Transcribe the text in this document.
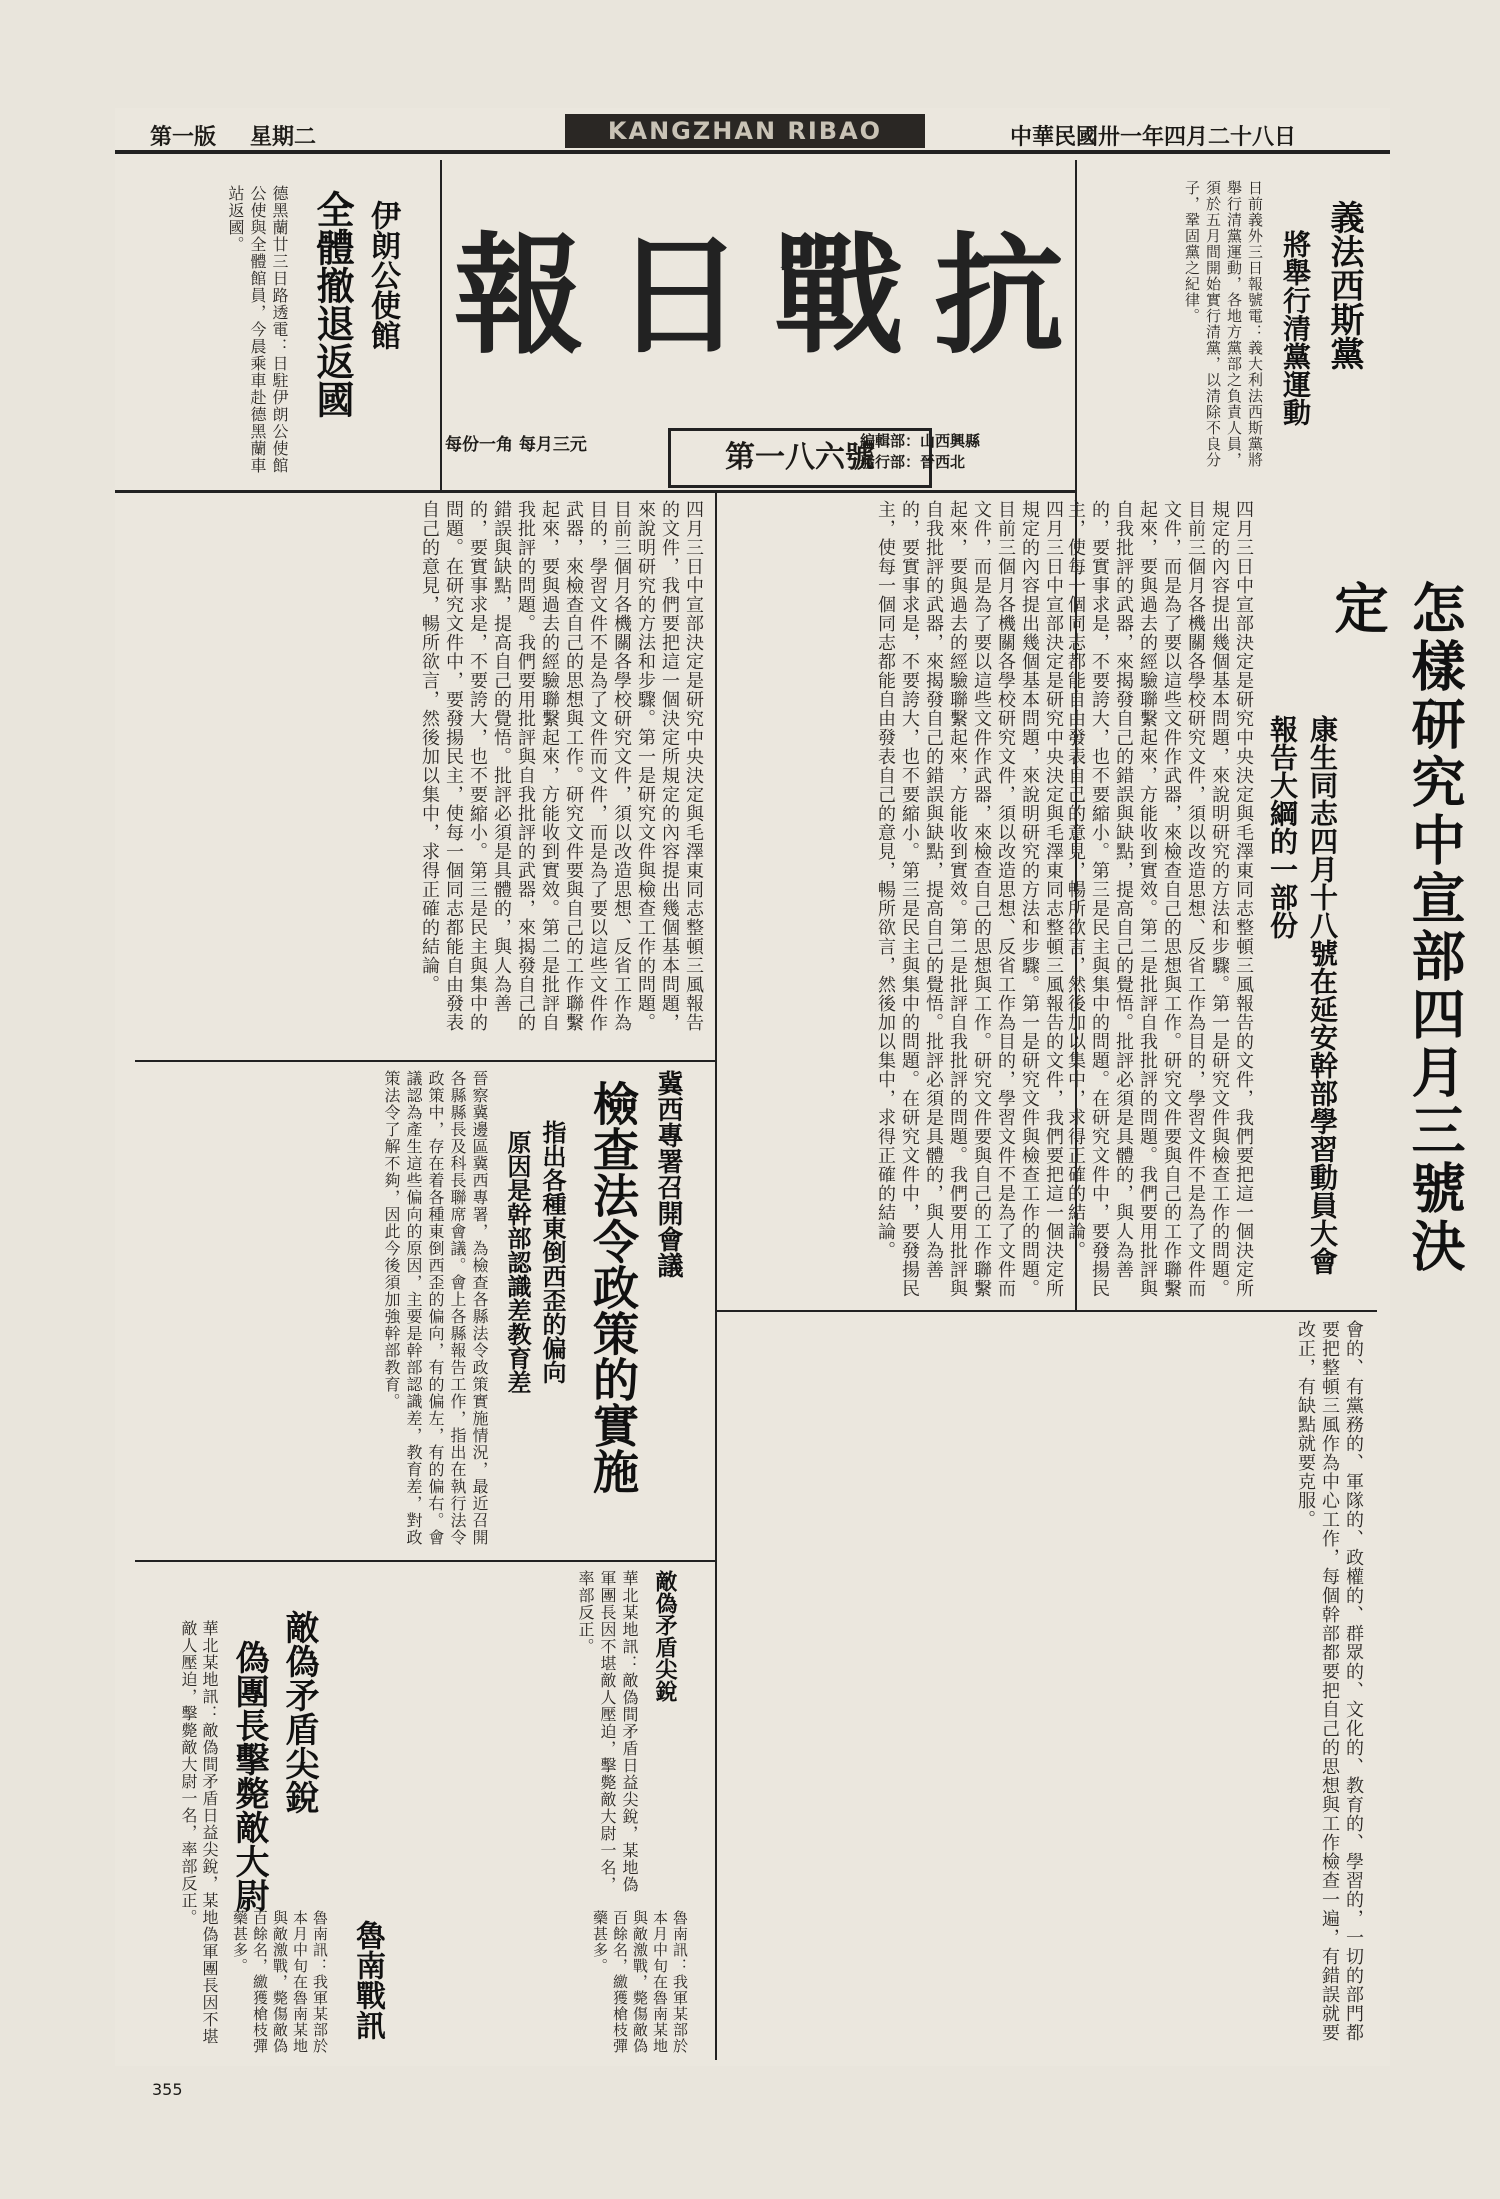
第一版 星期二	中華民國卅一年四月二十八日
KANGZHAN RIBAO
報 日 戰 抗
每份一角 每月三元	第一八六號
編輯部：山西興縣
發行部：晉西北
義法西斯黨
將舉行清黨運動
日前義外三日報號電：義大利法西斯黨將舉行清黨運動，各地方黨部之負責人員，須於五月間開始實行清黨，以清除不良分子，鞏固黨之紀律。
伊朗公使館
全體撤退返國
德黑蘭廿三日路透電：日駐伊朗公使館公使與全體館員，今晨乘車赴德黑蘭車站返國。
怎樣研究中宣部四月三號決定
康生同志四月十八號在延安幹部學習動員大會報告大綱的一部份
四月三日中宣部決定是研究中央決定與毛澤東同志整頓三風報告的文件，我們要把這一個決定所規定的內容提出幾個基本問題，來說明研究的方法和步驟。第一是研究文件與檢查工作的問題。目前三個月各機關各學校研究文件，須以改造思想、反省工作為目的，學習文件不是為了文件而文件，而是為了要以這些文件作武器，來檢查自己的思想與工作。研究文件要與自己的工作聯繫起來，要與過去的經驗聯繫起來，方能收到實效。第二是批評自我批評的問題。我們要用批評與自我批評的武器，來揭發自己的錯誤與缺點，提高自己的覺悟。批評必須是具體的，與人為善的，要實事求是，不要誇大，也不要縮小。第三是民主與集中的問題。在研究文件中，要發揚民主，使每一個同志都能自由發表自己的意見，暢所欲言，然後加以集中，求得正確的結論。
四月三日中宣部決定是研究中央決定與毛澤東同志整頓三風報告的文件，我們要把這一個決定所規定的內容提出幾個基本問題，來說明研究的方法和步驟。第一是研究文件與檢查工作的問題。目前三個月各機關各學校研究文件，須以改造思想、反省工作為目的，學習文件不是為了文件而文件，而是為了要以這些文件作武器，來檢查自己的思想與工作。研究文件要與自己的工作聯繫起來，要與過去的經驗聯繫起來，方能收到實效。第二是批評自我批評的問題。我們要用批評與自我批評的武器，來揭發自己的錯誤與缺點，提高自己的覺悟。批評必須是具體的，與人為善的，要實事求是，不要誇大，也不要縮小。第三是民主與集中的問題。在研究文件中，要發揚民主，使每一個同志都能自由發表自己的意見，暢所欲言，然後加以集中，求得正確的結論。
四月三日中宣部決定是研究中央決定與毛澤東同志整頓三風報告的文件，我們要把這一個決定所規定的內容提出幾個基本問題，來說明研究的方法和步驟。第一是研究文件與檢查工作的問題。目前三個月各機關各學校研究文件，須以改造思想、反省工作為目的，學習文件不是為了文件而文件，而是為了要以這些文件作武器，來檢查自己的思想與工作。研究文件要與自己的工作聯繫起來，要與過去的經驗聯繫起來，方能收到實效。第二是批評自我批評的問題。我們要用批評與自我批評的武器，來揭發自己的錯誤與缺點，提高自己的覺悟。批評必須是具體的，與人為善的，要實事求是，不要誇大，也不要縮小。第三是民主與集中的問題。在研究文件中，要發揚民主，使每一個同志都能自由發表自己的意見，暢所欲言，然後加以集中，求得正確的結論。
冀西專署召開會議
檢查法令政策的實施
指出各種東倒西歪的偏向
原因是幹部認識差教育差
晉察冀邊區冀西專署，為檢查各縣法令政策實施情況，最近召開各縣縣長及科長聯席會議。會上各縣報告工作，指出在執行法令政策中，存在着各種東倒西歪的偏向，有的偏左，有的偏右。會議認為產生這些偏向的原因，主要是幹部認識差，教育差，對政策法令了解不夠，因此今後須加強幹部教育。
會的、有黨務的、軍隊的、政權的、群眾的、文化的、教育的、學習的，一切的部門都要把整頓三風作為中心工作，每個幹部都要把自己的思想與工作檢查一遍，有錯誤就要改正，有缺點就要克服。
敵偽矛盾尖銳
敵偽矛盾尖銳
偽團長擊斃敵大尉
華北某地訊：敵偽間矛盾日益尖銳，某地偽軍團長因不堪敵人壓迫，擊斃敵大尉一名，率部反正。	華北某地訊：敵偽間矛盾日益尖銳，某地偽軍團長因不堪敵人壓迫，擊斃敵大尉一名，率部反正。
魯南戰訊	魯南訊：我軍某部於本月中旬在魯南某地與敵激戰，斃傷敵偽百餘名，繳獲槍枝彈藥甚多。
魯南訊：我軍某部於本月中旬在魯南某地與敵激戰，斃傷敵偽百餘名，繳獲槍枝彈藥甚多。
355
